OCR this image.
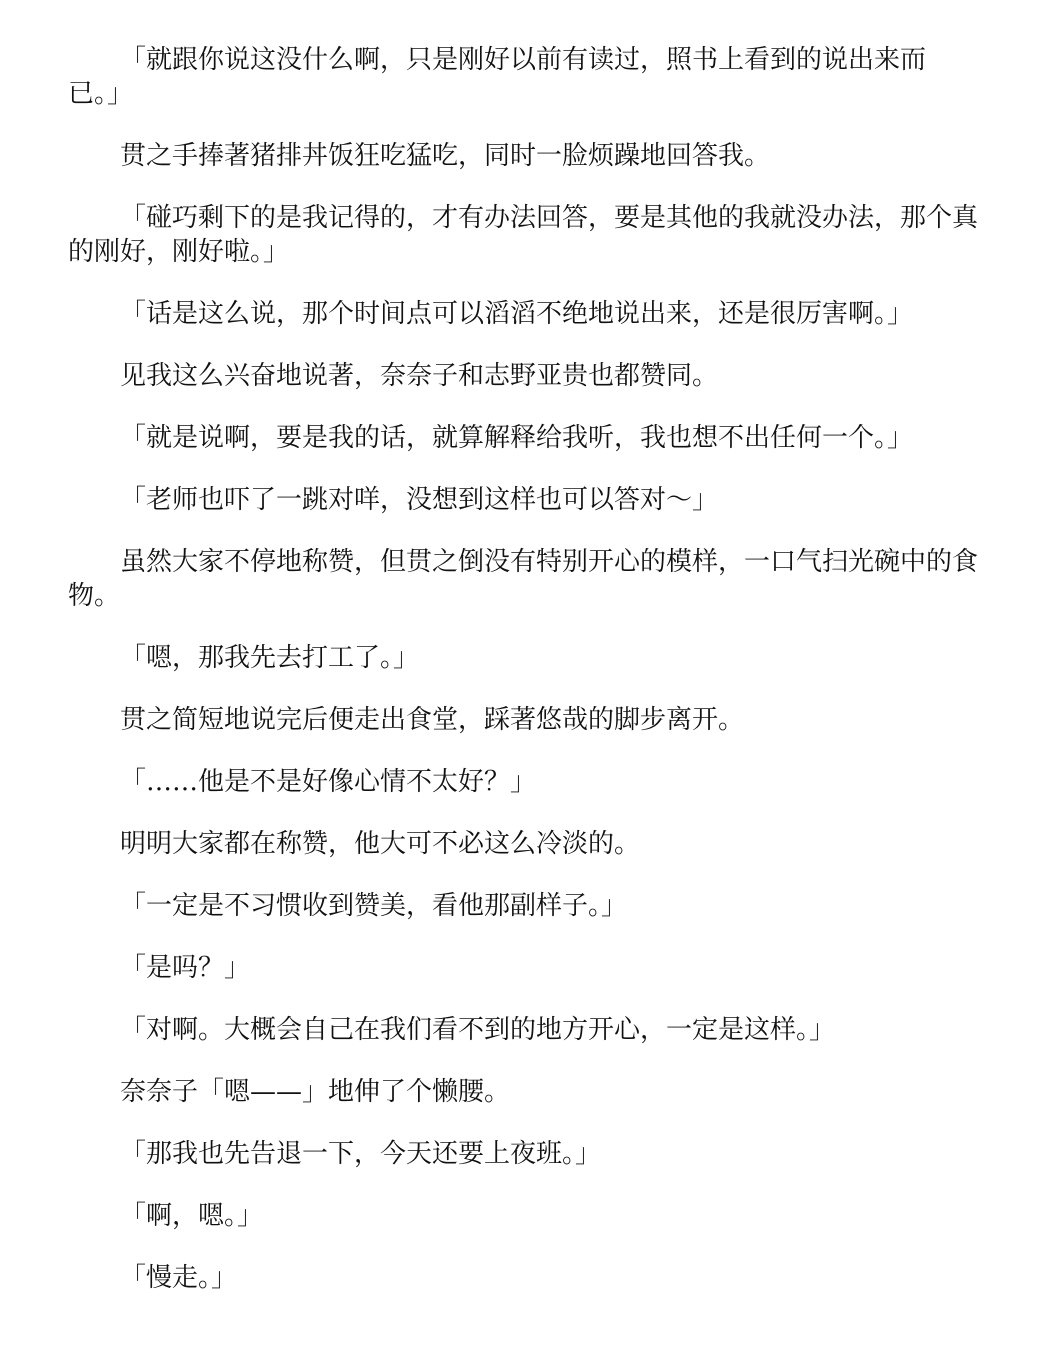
「就跟你说这没什么啊，只是刚好以前有读过，照书上看到的说出来而已。」

贯之手捧著猪排丼饭狂吃猛吃，同时一脸烦躁地回答我。

「碰巧剩下的是我记得的，才有办法回答，要是其他的我就没办法，那个真的刚好，刚好啦。」

「话是这么说，那个时间点可以滔滔不绝地说出来，还是很厉害啊。」

见我这么兴奋地说著，奈奈子和志野亚贵也都赞同。

「就是说啊，要是我的话，就算解释给我听，我也想不出任何一个。」

「老师也吓了一跳对咩，没想到这样也可以答对～」

虽然大家不停地称赞，但贯之倒没有特别开心的模样，一口气扫光碗中的食物。

「嗯，那我先去打工了。」

贯之简短地说完后便走出食堂，踩著悠哉的脚步离开。

「……他是不是好像心情不太好？」

明明大家都在称赞，他大可不必这么冷淡的。

「一定是不习惯收到赞美，看他那副样子。」

「是吗？」

「对啊。大概会自己在我们看不到的地方开心，一定是这样。」

奈奈子「嗯——」地伸了个懒腰。

「那我也先告退一下，今天还要上夜班。」

「啊，嗯。」

「慢走。」
